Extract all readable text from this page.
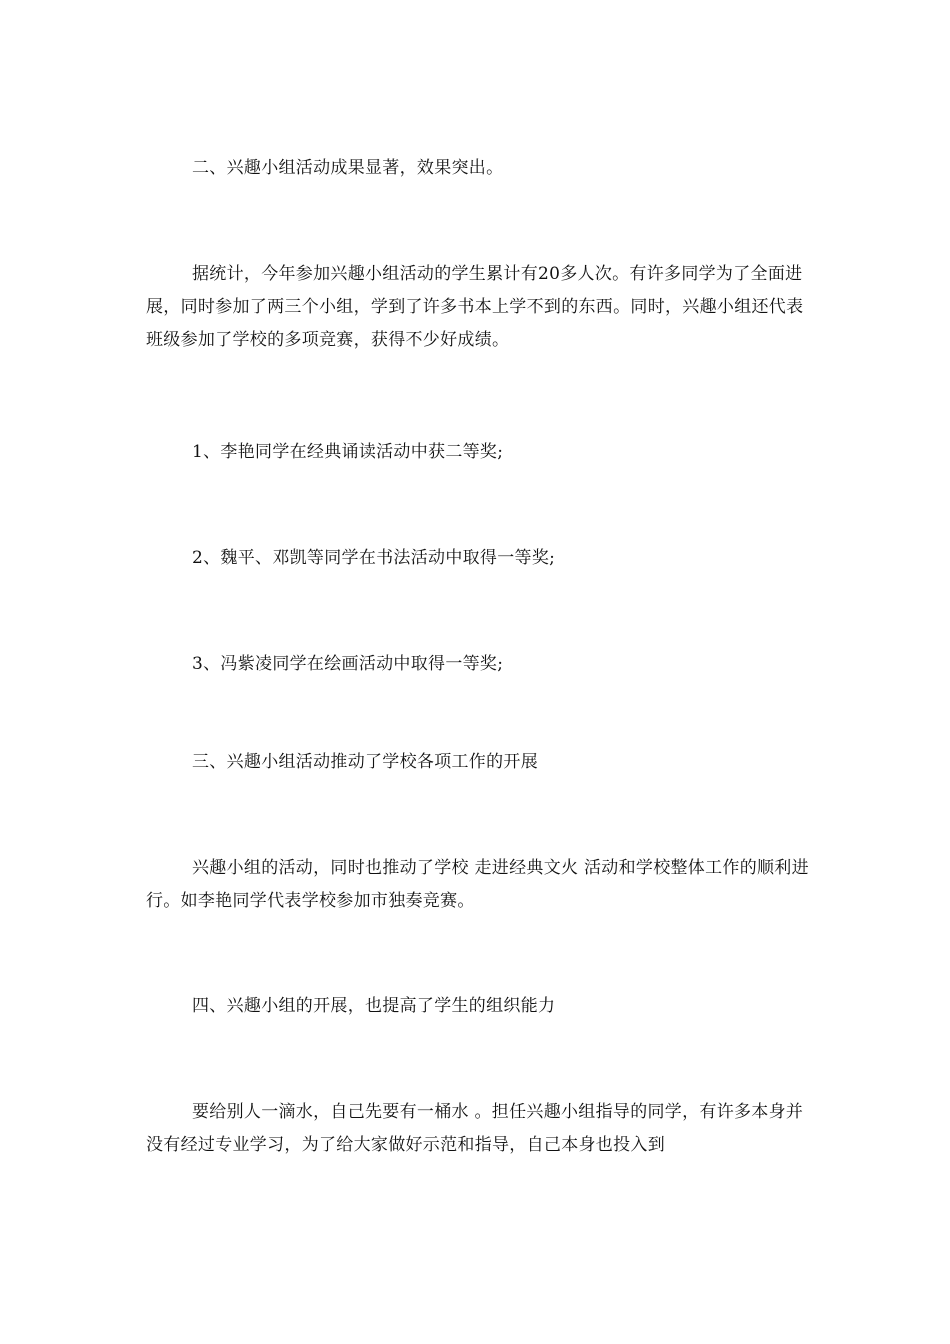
二、兴趣小组活动成果显著，效果突出。

据统计，今年参加兴趣小组活动的学生累计有20多人次。有许多同学为了全面进展，同时参加了两三个小组，学到了许多书本上学不到的东西。同时，兴趣小组还代表班级参加了学校的多项竞赛，获得不少好成绩。

1、李艳同学在经典诵读活动中获二等奖;

2、魏平、邓凯等同学在书法活动中取得一等奖;

3、冯紫凌同学在绘画活动中取得一等奖;

三、兴趣小组活动推动了学校各项工作的开展

兴趣小组的活动，同时也推动了学校 走进经典文火 活动和学校整体工作的顺利进行。如李艳同学代表学校参加市独奏竞赛。

四、兴趣小组的开展，也提高了学生的组织能力

要给别人一滴水，自己先要有一桶水 。担任兴趣小组指导的同学，有许多本身并没有经过专业学习，为了给大家做好示范和指导，自己本身也投入到
